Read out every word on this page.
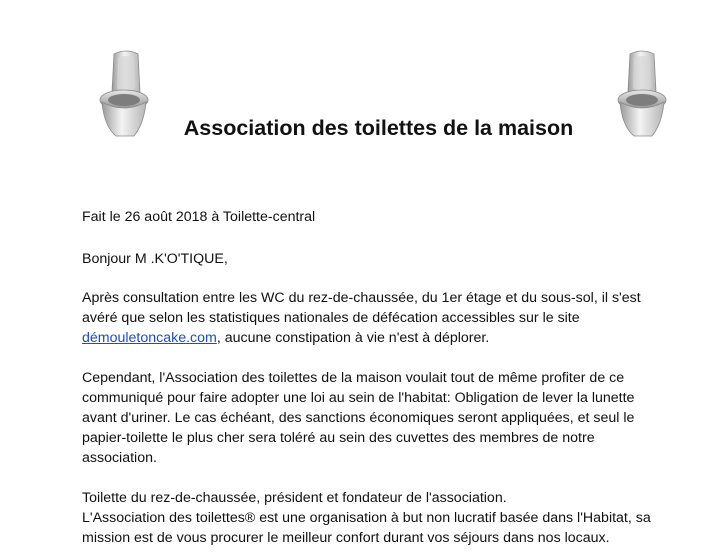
Association des toilettes de la maison

Fait le 26 août 2018 à Toilette-central

Bonjour M .K'O'TIQUE,

Après consultation entre les WC du rez-de-chaussée, du 1er étage et du sous-sol, il s'est
avéré que selon les statistiques nationales de défécation accessibles sur le site
démouletoncake.com, aucune constipation à vie n'est à déplorer.

Cependant, l'Association des toilettes de la maison voulait tout de même profiter de ce
communiqué pour faire adopter une loi au sein de l'habitat: Obligation de lever la lunette
avant d'uriner. Le cas échéant, des sanctions économiques seront appliquées, et seul le
papier-toilette le plus cher sera toléré au sein des cuvettes des membres de notre
association.

Toilette du rez-de-chaussée, président et fondateur de l'association.
L'Association des toilettes® est une organisation à but non lucratif basée dans l'Habitat, sa
mission est de vous procurer le meilleur confort durant vos séjours dans nos locaux.
